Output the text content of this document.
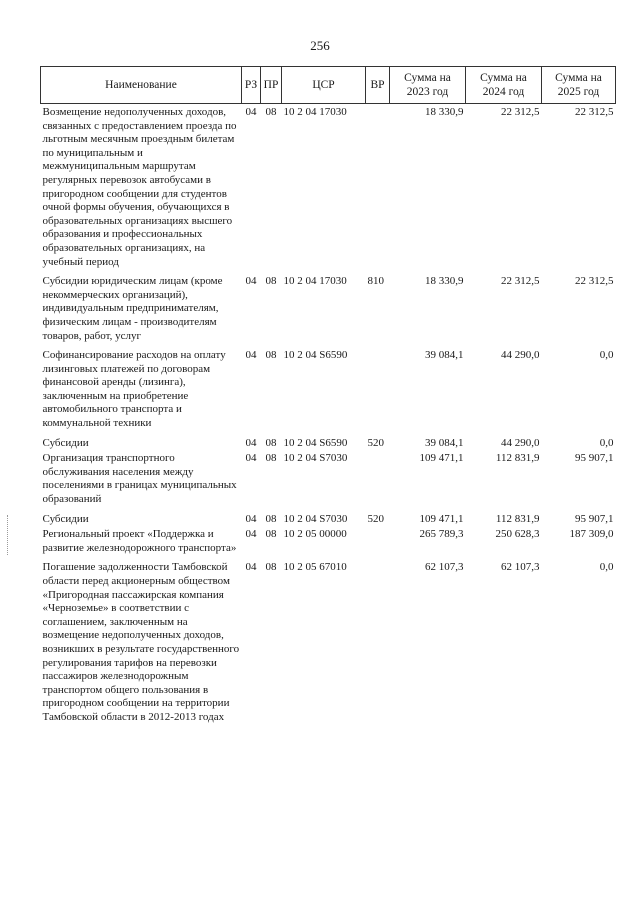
256
Наименование	РЗ	ПР	ЦСР	ВР	Сумма на 2023 год	Сумма на 2024 год	Сумма на 2025 год
Возмещение недополученных доходов, связанных с предоставлением проезда по льготным месячным проездным билетам по муниципальным и межмуниципальным маршрутам регулярных перевозок автобусами в пригородном сообщении для студентов очной формы обучения, обучающихся в образовательных организациях высшего образования и профессиональных образовательных организациях, на учебный период	04	08	10 2 04 17030		18 330,9	22 312,5	22 312,5
Субсидии юридическим лицам (кроме некоммерческих организаций), индивидуальным предпринимателям, физическим лицам - производителям товаров, работ, услуг	04	08	10 2 04 17030	810	18 330,9	22 312,5	22 312,5
Софинансирование расходов на оплату лизинговых платежей по договорам финансовой аренды (лизинга), заключенным на приобретение автомобильного транспорта и коммунальной техники	04	08	10 2 04 S6590		39 084,1	44 290,0	0,0
Субсидии	04	08	10 2 04 S6590	520	39 084,1	44 290,0	0,0
Организация транспортного обслуживания населения между поселениями в границах муниципальных образований	04	08	10 2 04 S7030		109 471,1	112 831,9	95 907,1
Субсидии	04	08	10 2 04 S7030	520	109 471,1	112 831,9	95 907,1
Региональный проект «Поддержка и развитие железнодорожного транспорта»	04	08	10 2 05 00000		265 789,3	250 628,3	187 309,0
Погашение задолженности Тамбовской области перед акционерным обществом «Пригородная пассажирская компания «Черноземье» в соответствии с соглашением, заключенным на возмещение недополученных доходов, возникших в результате государственного регулирования тарифов на перевозки пассажиров железнодорожным транспортом общего пользования в пригородном сообщении на территории Тамбовской области в 2012-2013 годах	04	08	10 2 05 67010		62 107,3	62 107,3	0,0
